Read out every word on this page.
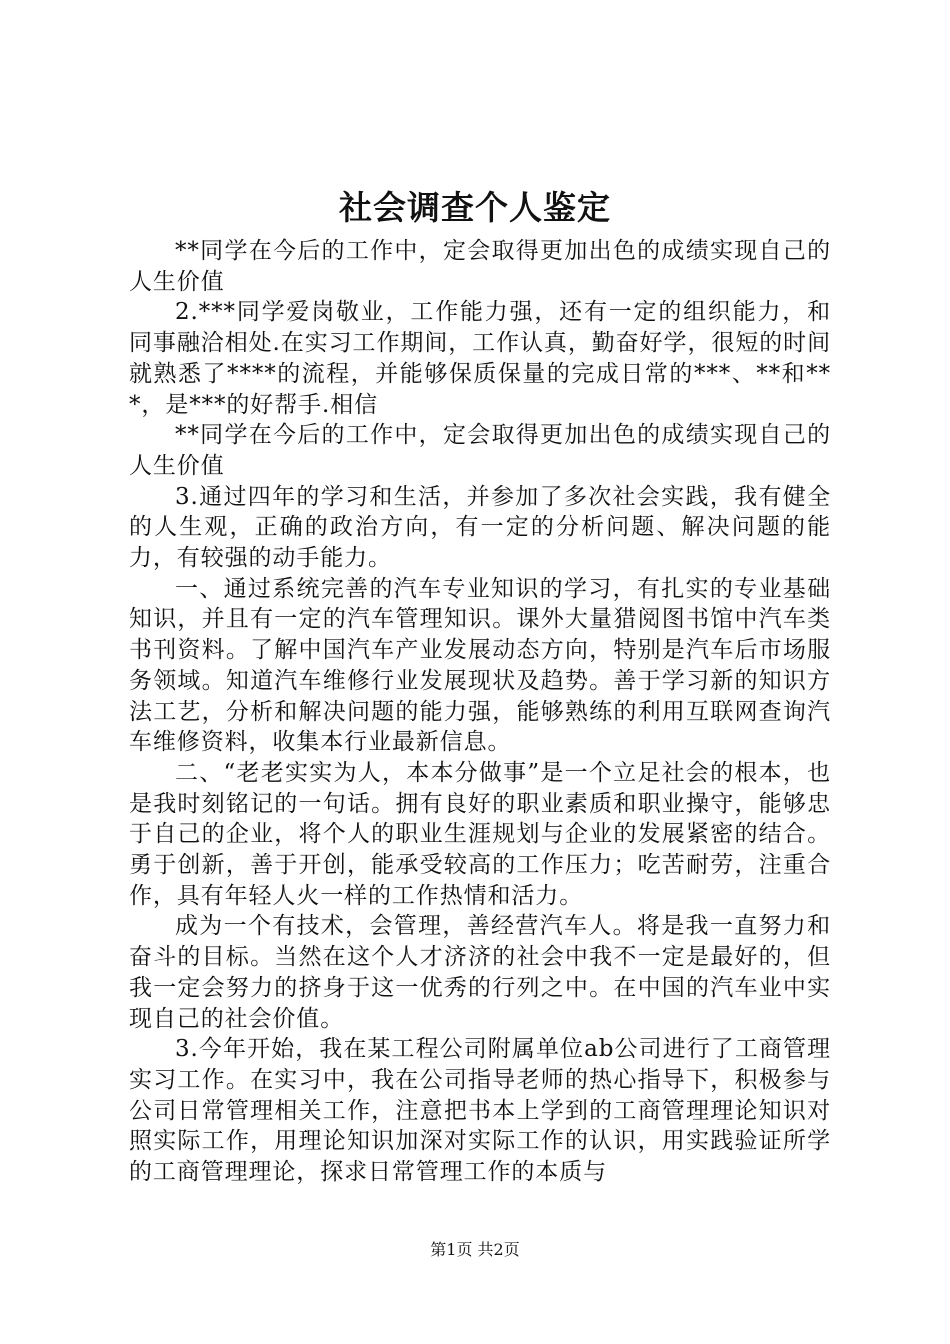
社会调查个人鉴定

**同学在今后的工作中，定会取得更加出色的成绩实现自己的人生价值

2.***同学爱岗敬业，工作能力强，还有一定的组织能力，和同事融洽相处.在实习工作期间，工作认真，勤奋好学，很短的时间就熟悉了****的流程，并能够保质保量的完成日常的***、**和***，是***的好帮手.相信

**同学在今后的工作中，定会取得更加出色的成绩实现自己的人生价值

3.通过四年的学习和生活，并参加了多次社会实践，我有健全的人生观，正确的政治方向，有一定的分析问题、解决问题的能力，有较强的动手能力。

一、通过系统完善的汽车专业知识的学习，有扎实的专业基础知识，并且有一定的汽车管理知识。课外大量猎阅图书馆中汽车类书刊资料。了解中国汽车产业发展动态方向，特别是汽车后市场服务领域。知道汽车维修行业发展现状及趋势。善于学习新的知识方法工艺，分析和解决问题的能力强，能够熟练的利用互联网查询汽车维修资料，收集本行业最新信息。

二、“老老实实为人，本本分做事”是一个立足社会的根本，也是我时刻铭记的一句话。拥有良好的职业素质和职业操守，能够忠于自己的企业，将个人的职业生涯规划与企业的发展紧密的结合。勇于创新，善于开创，能承受较高的工作压力；吃苦耐劳，注重合作，具有年轻人火一样的工作热情和活力。

成为一个有技术，会管理，善经营汽车人。将是我一直努力和奋斗的目标。当然在这个人才济济的社会中我不一定是最好的，但我一定会努力的挤身于这一优秀的行列之中。在中国的汽车业中实现自己的社会价值。

3.今年开始，我在某工程公司附属单位ab公司进行了工商管理实习工作。在实习中，我在公司指导老师的热心指导下，积极参与公司日常管理相关工作，注意把书本上学到的工商管理理论知识对照实际工作，用理论知识加深对实际工作的认识，用实践验证所学的工商管理理论，探求日常管理工作的本质与

第1页 共2页
